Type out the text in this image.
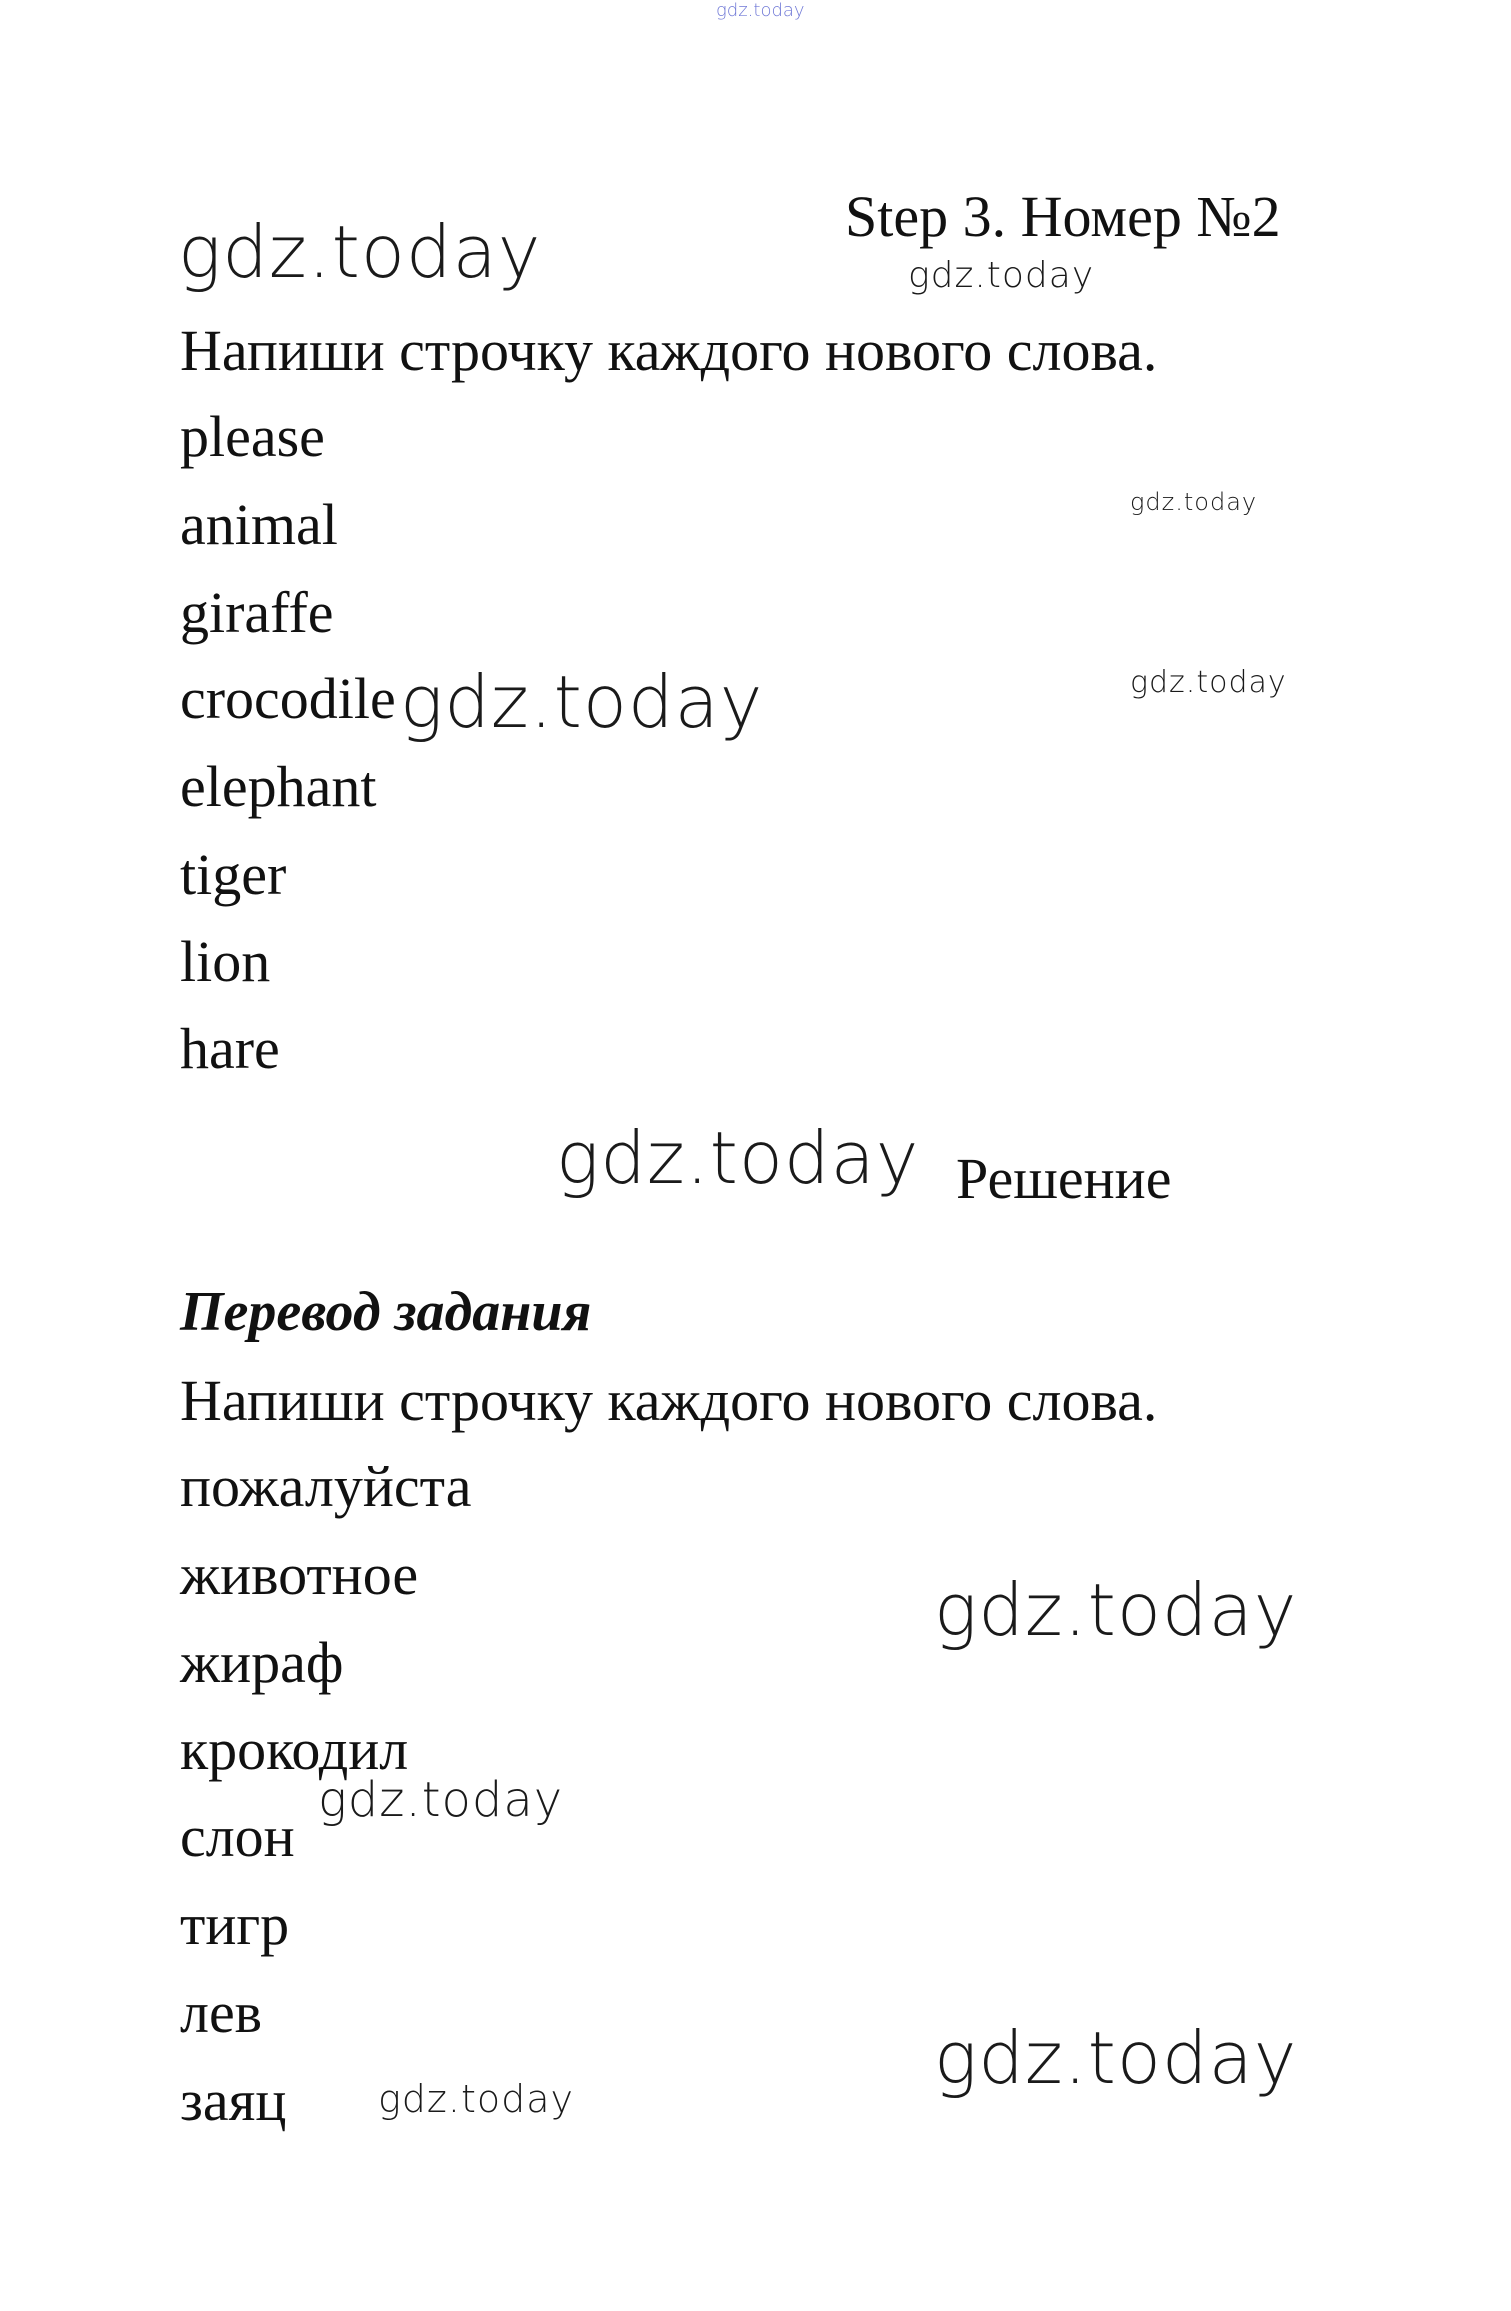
gdz.today
Step 3. Номер №2
gdz.today	gdz.today
Напиши строчку каждого нового слова.
please
animal
giraffe
crocodile
elephant
tiger
lion
hare
gdz.today
gdz.today
gdz.today
gdz.today Решение
Перевод задания
Напиши строчку каждого нового слова.
пожалуйста
животное
жираф
крокодил
слон
тигр
лев
заяц
gdz.today
gdz.today
gdz.today
gdz.today
